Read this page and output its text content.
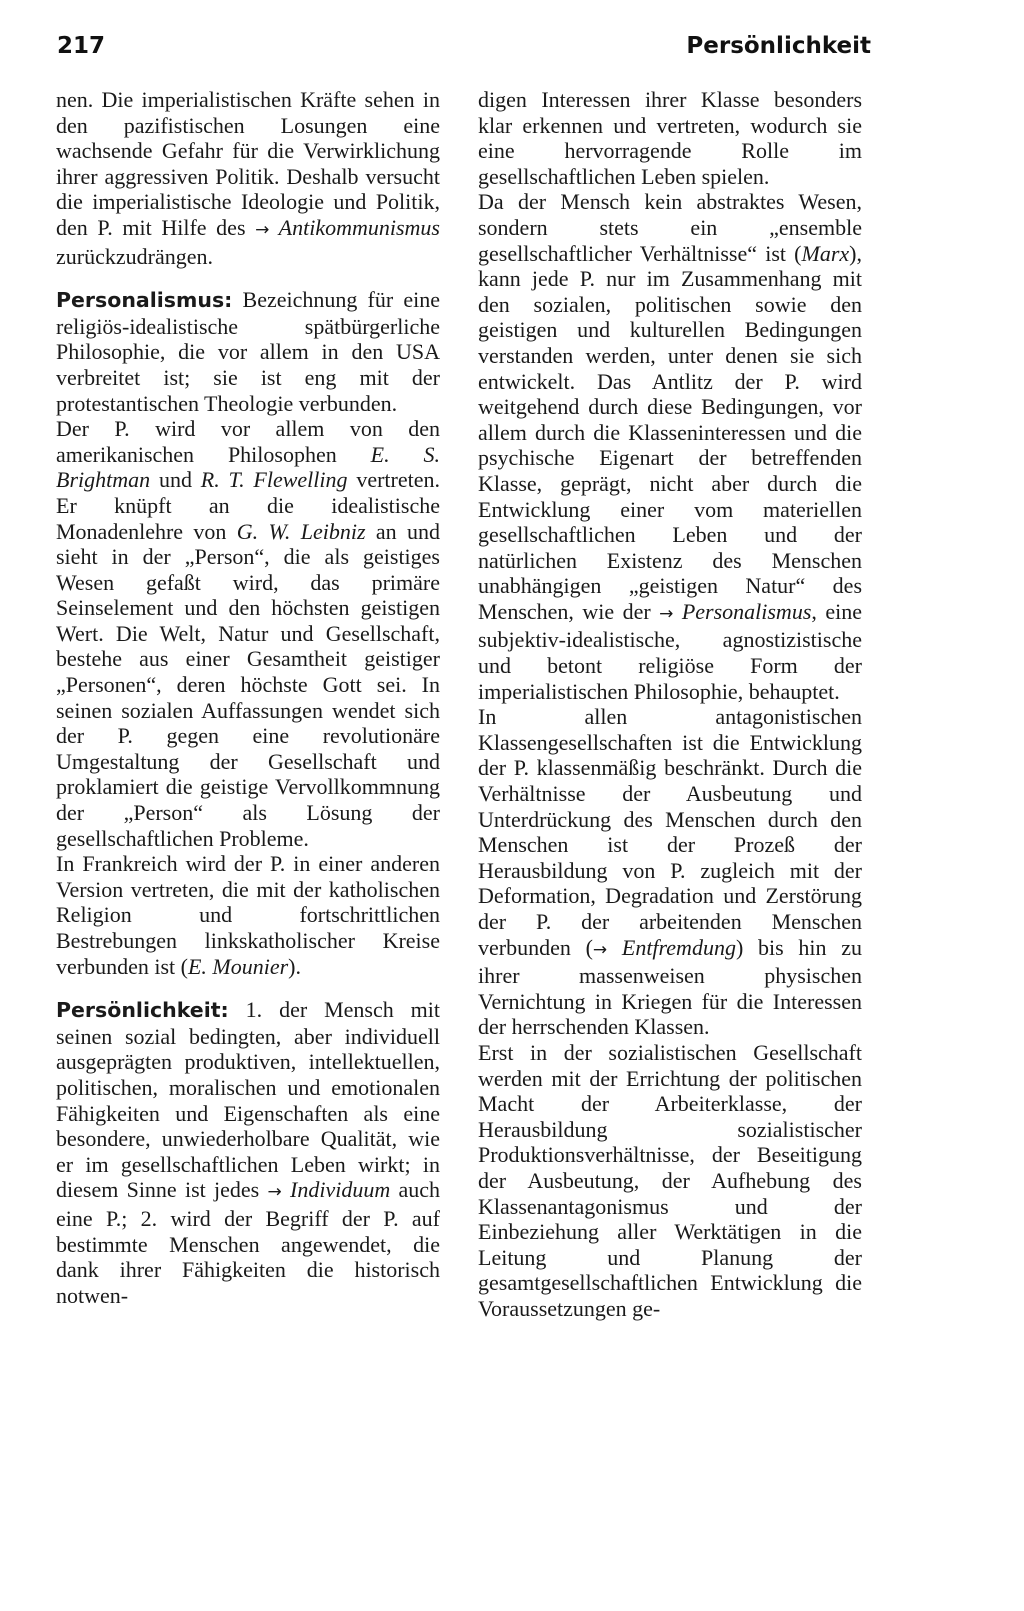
217	Persönlichkeit

nen. Die imperialistischen Kräfte sehen in den pazifistischen Losungen eine wachsende Gefahr für die Verwirklichung ihrer aggressiven Politik. Deshalb versucht die imperialistische Ideologie und Politik, den P. mit Hilfe des → Antikommunismus zurückzudrängen.

Personalismus: Bezeichnung für eine religiös-idealistische spätbürgerliche Philosophie, die vor allem in den USA verbreitet ist; sie ist eng mit der protestantischen Theologie verbunden.

Der P. wird vor allem von den amerikanischen Philosophen E. S. Brightman und R. T. Flewelling vertreten. Er knüpft an die idealistische Monadenlehre von G. W. Leibniz an und sieht in der „Person“, die als geistiges Wesen gefaßt wird, das primäre Seinselement und den höchsten geistigen Wert. Die Welt, Natur und Gesellschaft, bestehe aus einer Gesamtheit geistiger „Personen“, deren höchste Gott sei. In seinen sozialen Auffassungen wendet sich der P. gegen eine revolutionäre Umgestaltung der Gesellschaft und proklamiert die geistige Vervollkommnung der „Person“ als Lösung der gesellschaftlichen Probleme.

In Frankreich wird der P. in einer anderen Version vertreten, die mit der katholischen Religion und fortschrittlichen Bestrebungen linkskatholischer Kreise verbunden ist (E. Mounier).

Persönlichkeit: 1. der Mensch mit seinen sozial bedingten, aber individuell ausgeprägten produktiven, intellektuellen, politischen, moralischen und emotionalen Fähigkeiten und Eigenschaften als eine besondere, unwiederholbare Qualität, wie er im gesellschaftlichen Leben wirkt; in diesem Sinne ist jedes → Individuum auch eine P.; 2. wird der Begriff der P. auf bestimmte Menschen angewendet, die dank ihrer Fähigkeiten die historisch notwen-

digen Interessen ihrer Klasse besonders klar erkennen und vertreten, wodurch sie eine hervorragende Rolle im gesellschaftlichen Leben spielen.

Da der Mensch kein abstraktes Wesen, sondern stets ein „ensemble gesellschaftlicher Verhältnisse“ ist (Marx), kann jede P. nur im Zusammenhang mit den sozialen, politischen sowie den geistigen und kulturellen Bedingungen verstanden werden, unter denen sie sich entwickelt. Das Antlitz der P. wird weitgehend durch diese Bedingungen, vor allem durch die Klasseninteressen und die psychische Eigenart der betreffenden Klasse, geprägt, nicht aber durch die Entwicklung einer vom materiellen gesellschaftlichen Leben und der natürlichen Existenz des Menschen unabhängigen „geistigen Natur“ des Menschen, wie der → Personalismus, eine subjektiv-idealistische, agnostizistische und betont religiöse Form der imperialistischen Philosophie, behauptet.

In allen antagonistischen Klassengesellschaften ist die Entwicklung der P. klassenmäßig beschränkt. Durch die Verhältnisse der Ausbeutung und Unterdrückung des Menschen durch den Menschen ist der Prozeß der Herausbildung von P. zugleich mit der Deformation, Degradation und Zerstörung der P. der arbeitenden Menschen verbunden (→ Entfremdung) bis hin zu ihrer massenweisen physischen Vernichtung in Kriegen für die Interessen der herrschenden Klassen.

Erst in der sozialistischen Gesellschaft werden mit der Errichtung der politischen Macht der Arbeiterklasse, der Herausbildung sozialistischer Produktionsverhältnisse, der Beseitigung der Ausbeutung, der Aufhebung des Klassenantagonismus und der Einbeziehung aller Werktätigen in die Leitung und Planung der gesamtgesellschaftlichen Entwicklung die Voraussetzungen ge-
